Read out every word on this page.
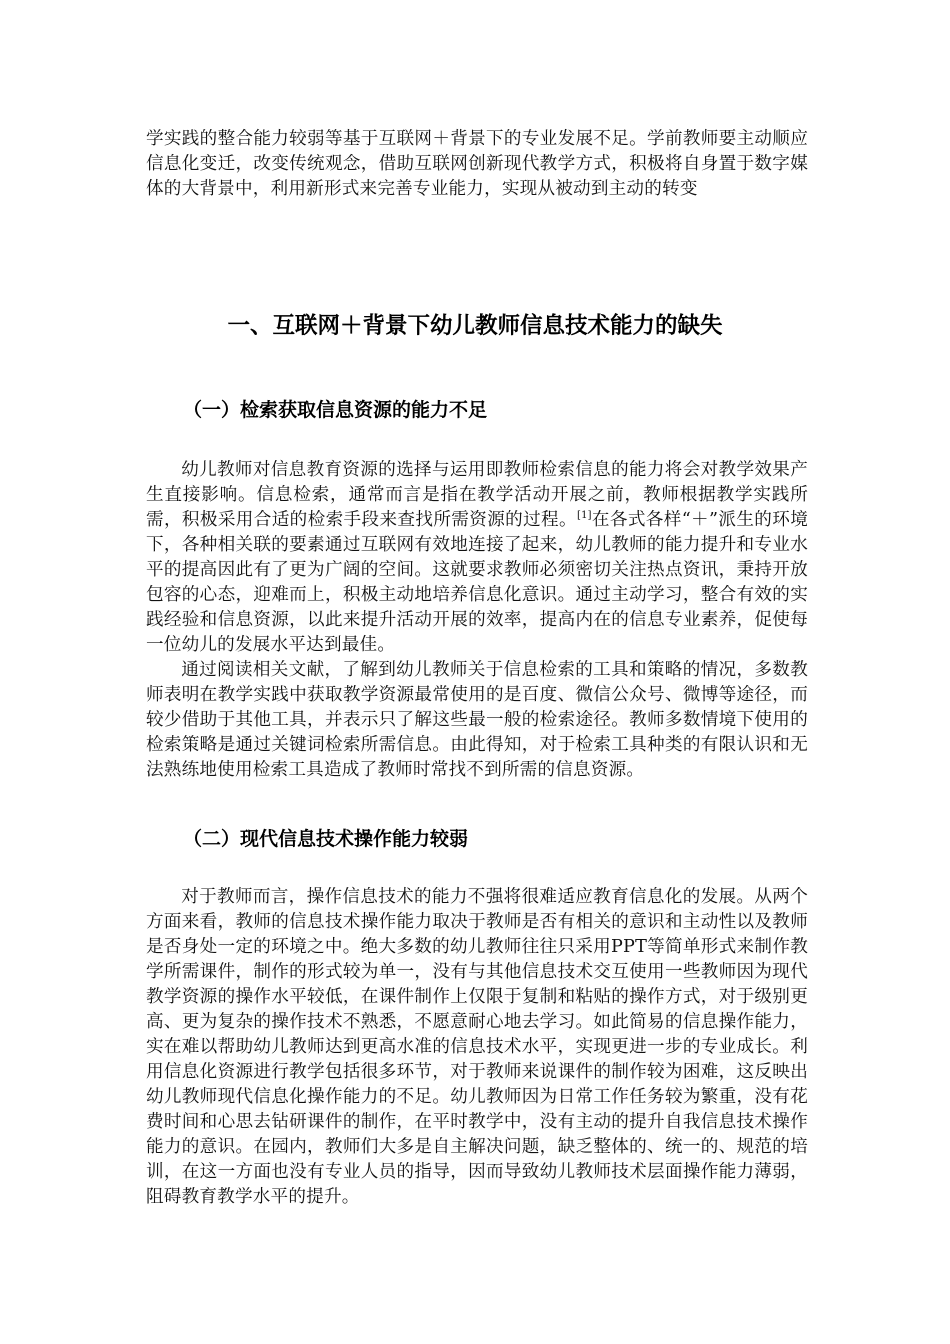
学实践的整合能力较弱等基于互联网＋背景下的专业发展不足。学前教师要主动顺应信息化变迁，改变传统观念，借助互联网创新现代教学方式，积极将自身置于数字媒体的大背景中，利用新形式来完善专业能力，实现从被动到主动的转变

一、互联网＋背景下幼儿教师信息技术能力的缺失
（一）检索获取信息资源的能力不足

幼儿教师对信息教育资源的选择与运用即教师检索信息的能力将会对教学效果产生直接影响。信息检索，通常而言是指在教学活动开展之前，教师根据教学实践所需，积极采用合适的检索手段来查找所需资源的过程。[1]在各式各样“＋”派生的环境下，各种相关联的要素通过互联网有效地连接了起来，幼儿教师的能力提升和专业水平的提高因此有了更为广阔的空间。这就要求教师必须密切关注热点资讯，秉持开放包容的心态，迎难而上，积极主动地培养信息化意识。通过主动学习，整合有效的实践经验和信息资源，以此来提升活动开展的效率，提高内在的信息专业素养，促使每一位幼儿的发展水平达到最佳。

通过阅读相关文献，了解到幼儿教师关于信息检索的工具和策略的情况，多数教师表明在教学实践中获取教学资源最常使用的是百度、微信公众号、微博等途径，而较少借助于其他工具，并表示只了解这些最一般的检索途径。教师多数情境下使用的检索策略是通过关键词检索所需信息。由此得知，对于检索工具种类的有限认识和无法熟练地使用检索工具造成了教师时常找不到所需的信息资源。

（二）现代信息技术操作能力较弱

对于教师而言，操作信息技术的能力不强将很难适应教育信息化的发展。从两个方面来看，教师的信息技术操作能力取决于教师是否有相关的意识和主动性以及教师是否身处一定的环境之中。绝大多数的幼儿教师往往只采用PPT等简单形式来制作教学所需课件，制作的形式较为单一，没有与其他信息技术交互使用一些教师因为现代教学资源的操作水平较低，在课件制作上仅限于复制和粘贴的操作方式，对于级别更高、更为复杂的操作技术不熟悉，不愿意耐心地去学习。如此简易的信息操作能力，实在难以帮助幼儿教师达到更高水准的信息技术水平，实现更进一步的专业成长。利用信息化资源进行教学包括很多环节，对于教师来说课件的制作较为困难，这反映出幼儿教师现代信息化操作能力的不足。幼儿教师因为日常工作任务较为繁重，没有花费时间和心思去钻研课件的制作，在平时教学中，没有主动的提升自我信息技术操作能力的意识。在园内，教师们大多是自主解决问题，缺乏整体的、统一的、规范的培训，在这一方面也没有专业人员的指导，因而导致幼儿教师技术层面操作能力薄弱，阻碍教育教学水平的提升。
